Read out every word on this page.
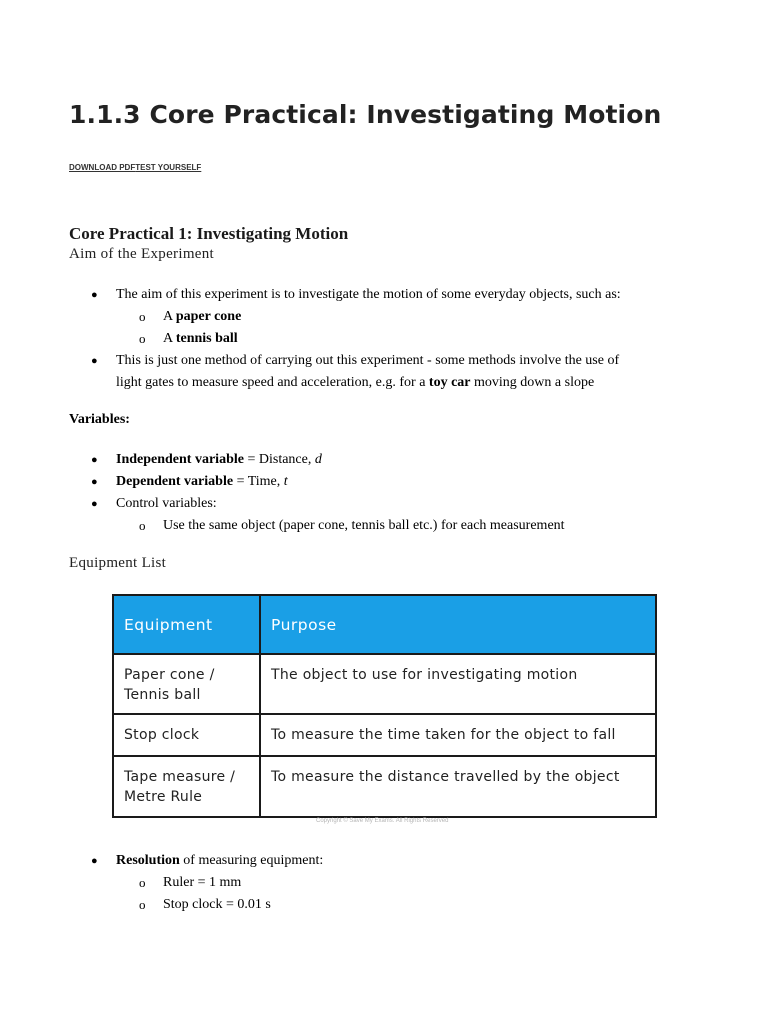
1.1.3 Core Practical: Investigating Motion
DOWNLOAD PDFTEST YOURSELF
Core Practical 1: Investigating Motion
Aim of the Experiment
● The aim of this experiment is to investigate the motion of some everyday objects, such as:
o A paper cone
o A tennis ball
● This is just one method of carrying out this experiment - some methods involve the use of
light gates to measure speed and acceleration, e.g. for a toy car moving down a slope
Variables:
● Independent variable = Distance, d
● Dependent variable = Time, t
● Control variables:
o Use the same object (paper cone, tennis ball etc.) for each measurement
Equipment List
Equipment	Purpose
Paper cone /
Tennis ball	The object to use for investigating motion
Stop clock	To measure the time taken for the object to fall
Tape measure /
Metre Rule	To measure the distance travelled by the object
Copyright © Save My Exams. All Rights Reserved
● Resolution of measuring equipment:
o Ruler = 1 mm
o Stop clock = 0.01 s
